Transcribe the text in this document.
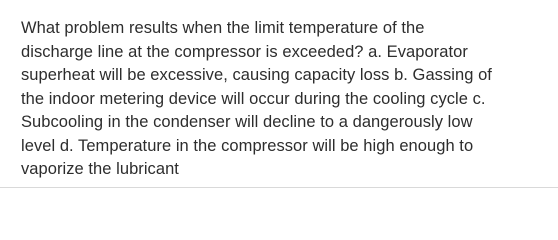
What problem results when the limit temperature of the
discharge line at the compressor is exceeded? a. Evaporator
superheat will be excessive, causing capacity loss b. Gassing of
the indoor metering device will occur during the cooling cycle c.
Subcooling in the condenser will decline to a dangerously low
level d. Temperature in the compressor will be high enough to
vaporize the lubricant
